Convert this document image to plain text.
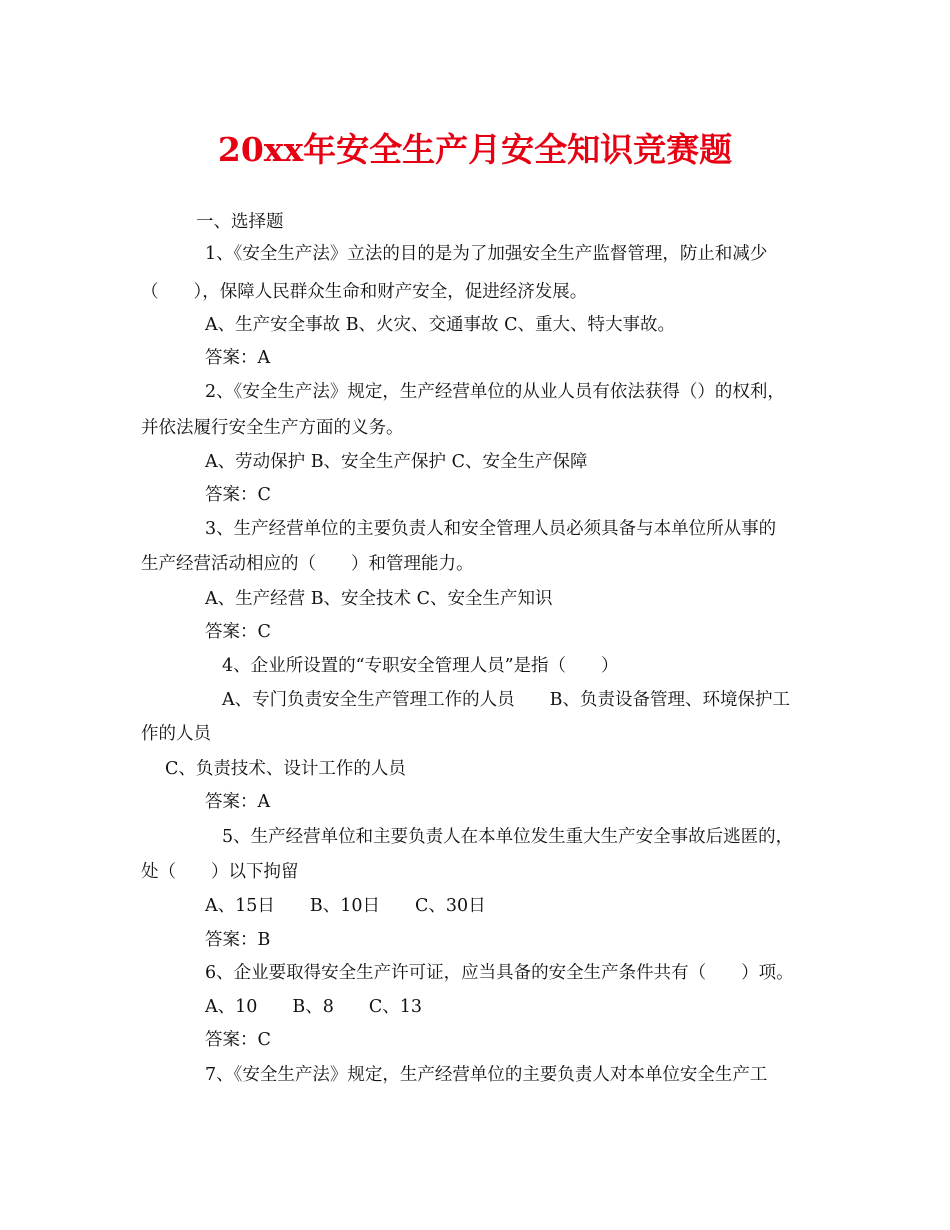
20xx年安全生产月安全知识竞赛题
一、选择题
1、《安全生产法》立法的目的是为了加强安全生产监督管理，防止和减少
（　　），保障人民群众生命和财产安全，促进经济发展。
A、生产安全事故 B、火灾、交通事故 C、重大、特大事故。
答案：A
2、《安全生产法》规定，生产经营单位的从业人员有依法获得（）的权利，
并依法履行安全生产方面的义务。
A、劳动保护 B、安全生产保护 C、安全生产保障
答案：C
3、生产经营单位的主要负责人和安全管理人员必须具备与本单位所从事的
生产经营活动相应的（　　）和管理能力。
A、生产经营 B、安全技术 C、安全生产知识
答案：C
4、企业所设置的“专职安全管理人员”是指（　　）
A、专门负责安全生产管理工作的人员　　B、负责设备管理、环境保护工
作的人员
C、负责技术、设计工作的人员
答案：A
5、生产经营单位和主要负责人在本单位发生重大生产安全事故后逃匿的，
处（　　）以下拘留
A、15日　　B、10日　　C、30日
答案：B
6、企业要取得安全生产许可证，应当具备的安全生产条件共有（　　）项。
A、10　　B、8　　C、13
答案：C
7、《安全生产法》规定，生产经营单位的主要负责人对本单位安全生产工
